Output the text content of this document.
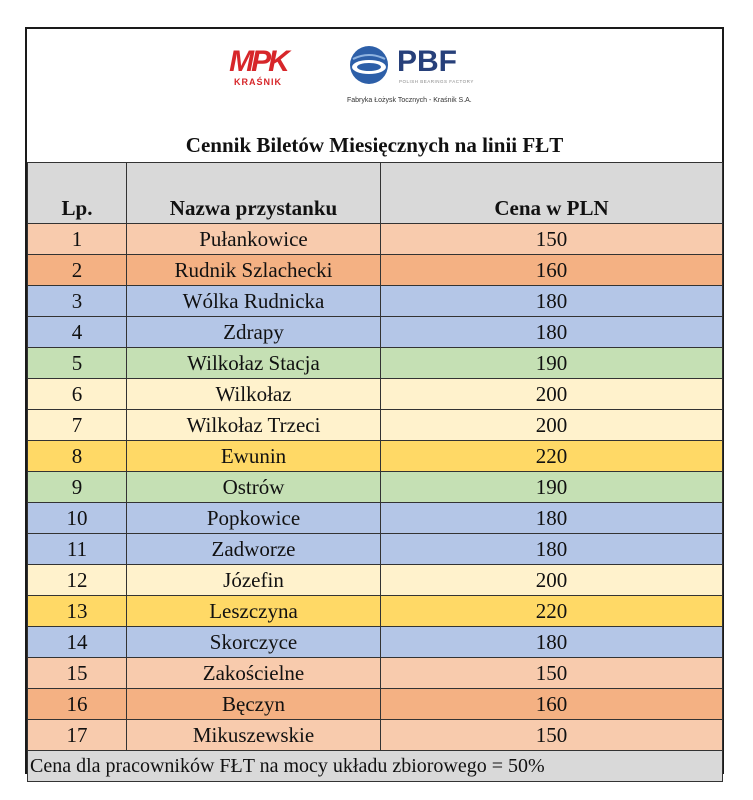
MPK
KRAŚNIK
PBF
POLISH BEARINGS FACTORY
Fabryka Łożysk Tocznych - Kraśnik S.A.
Cennik Biletów Miesięcznych na linii FŁT
Lp.	Nazwa przystanku	Cena w PLN
1	Pułankowice	150
2	Rudnik Szlachecki	160
3	Wólka Rudnicka	180
4	Zdrapy	180
5	Wilkołaz Stacja	190
6	Wilkołaz	200
7	Wilkołaz Trzeci	200
8	Ewunin	220
9	Ostrów	190
10	Popkowice	180
11	Zadworze	180
12	Józefin	200
13	Leszczyna	220
14	Skorczyce	180
15	Zakościelne	150
16	Bęczyn	160
17	Mikuszewskie	150
Cena dla pracowników FŁT na mocy układu zbiorowego = 50%		
